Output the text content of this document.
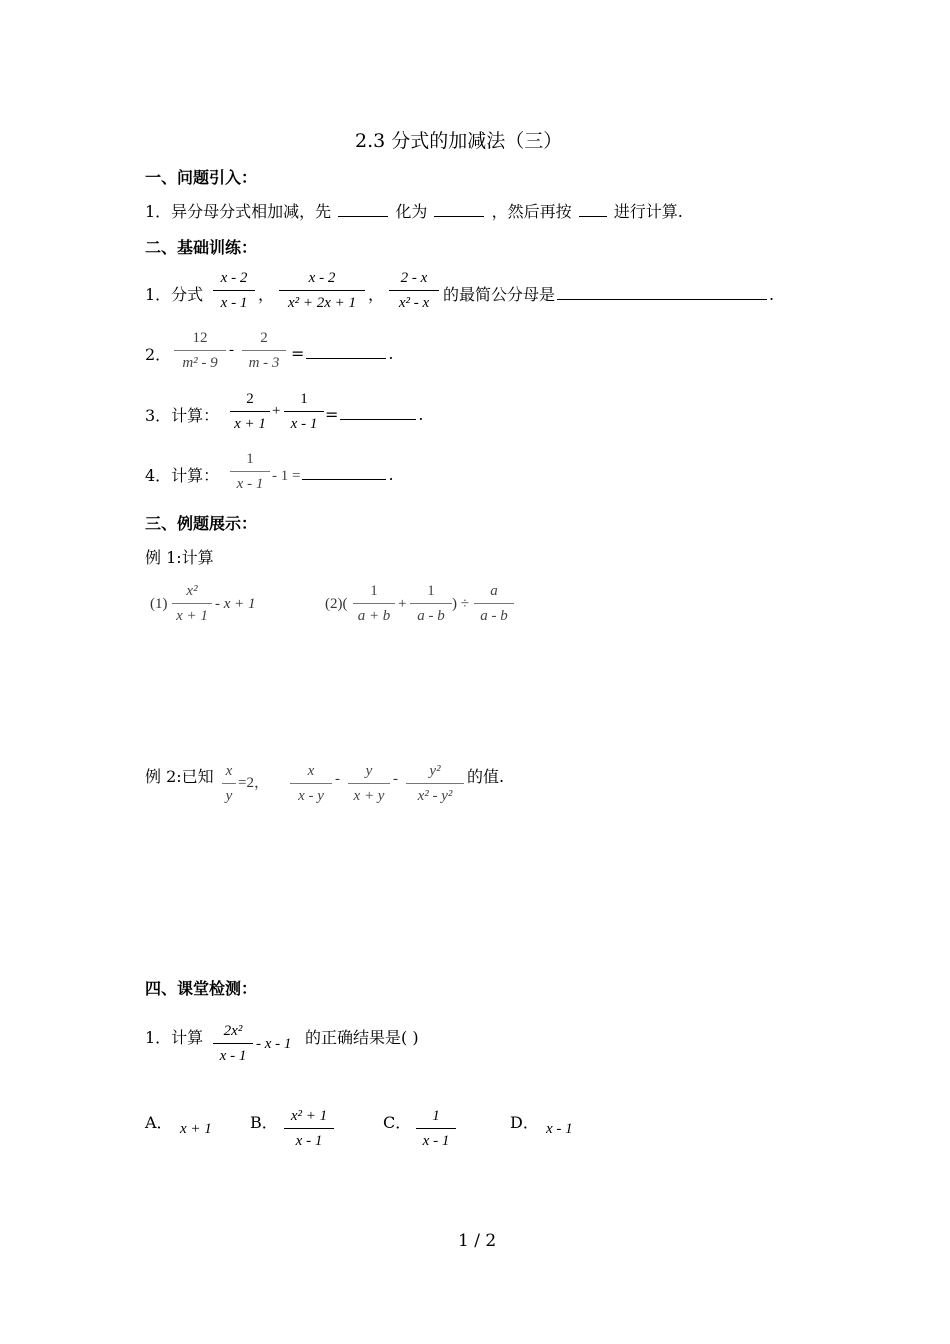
2.3 分式的加减法（三）
一、问题引入：
1．异分母分式相加减，先	化为	，然后再按	进行计算.
二、基础训练：
1．分式
x - 2
x - 1 ，
x - 2
x² + 2x + 1 ，
2 - x
x² - x 的最简公分母是	.
2．
12
m² - 9
-
2
m - 3 =	.
3．计算：
2
x + 1
+
1
x - 1 =	.
4．计算：
1
x - 1 - 1 =	.
三、例题展示：
例 1:计算
(1)
x²
x + 1
- x + 1	(2)(
1
a + b
+
1
a - b
) ÷
a
a - b
例 2:已知 x
y
=2，
x
x - y
-	y
x + y
-	y²
x² - y²
的值.
四、课堂检测：
1．计算	2x²
x - 1
- x - 1 的正确结果是( )
A． x + 1 B． x² + 1
x - 1
C．	1
x - 1
D． x - 1
1 / 2
